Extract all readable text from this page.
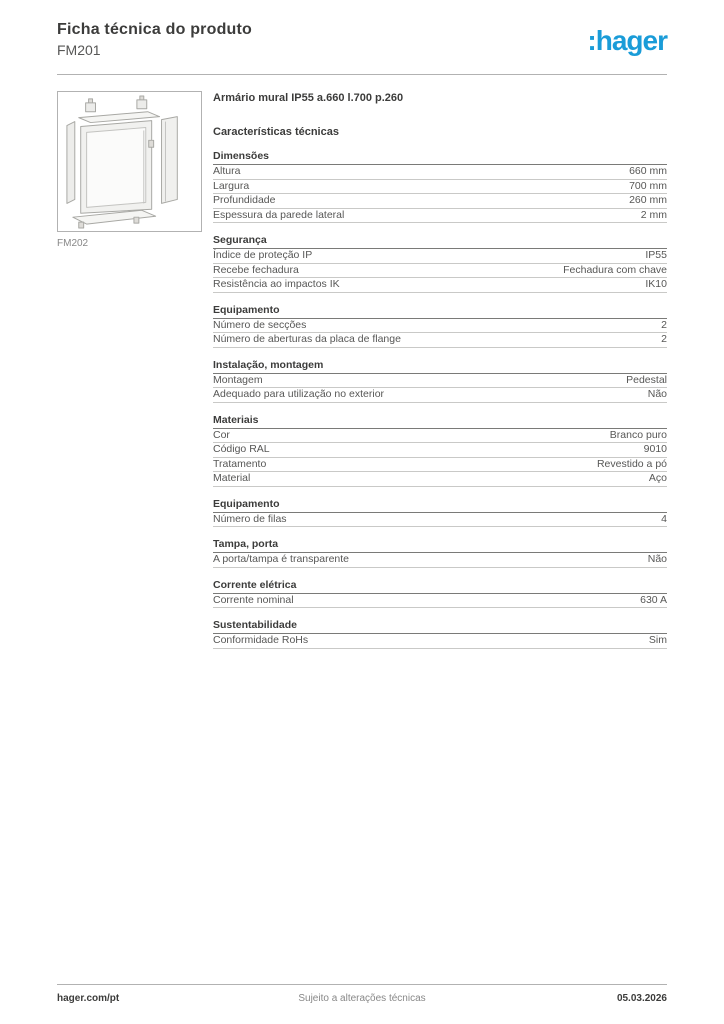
Ficha técnica do produto
FM201	:hager
FM202
Armário mural IP55 a.660 l.700 p.260
Características técnicas
Dimensões
Altura	660 mm
Largura	700 mm
Profundidade	260 mm
Espessura da parede lateral	2 mm
Segurança
Índice de proteção IP	IP55
Recebe fechadura	Fechadura com chave
Resistência ao impactos IK	IK10
Equipamento
Número de secções	2
Número de aberturas da placa de flange	2
Instalação, montagem
Montagem	Pedestal
Adequado para utilização no exterior	Não
Materiais
Cor	Branco puro
Código RAL	9010
Tratamento	Revestido a pó
Material	Aço
Equipamento
Número de filas	4
Tampa, porta
A porta/tampa é transparente	Não
Corrente elétrica
Corrente nominal	630 A
Sustentabilidade
Conformidade RoHs	Sim
hager.com/pt	Sujeito a alterações técnicas	05.03.2026
